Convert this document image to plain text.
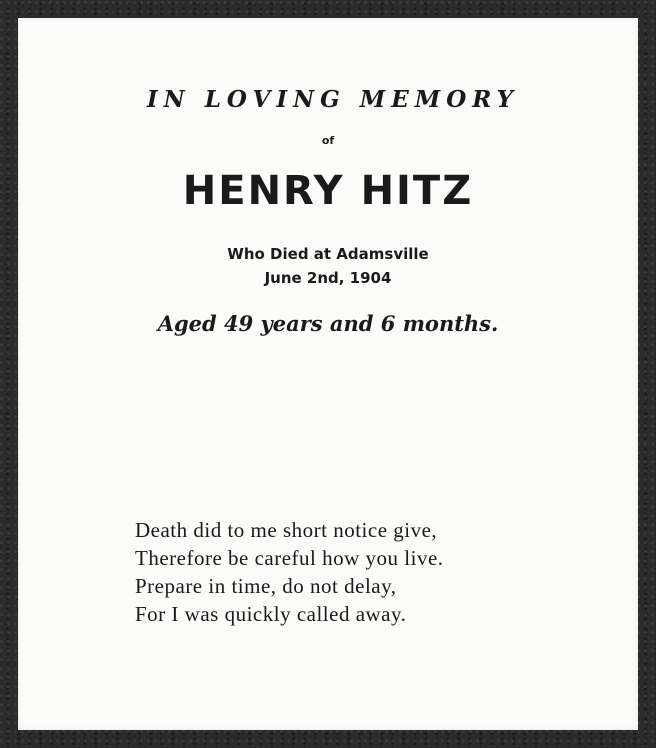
IN LOVING MEMORY
of
HENRY HITZ
Who Died at Adamsville
June 2nd, 1904
Aged 49 years and 6 months.
Death did to me short notice give,
Therefore be careful how you live.
Prepare in time, do not delay,
For I was quickly called away.
